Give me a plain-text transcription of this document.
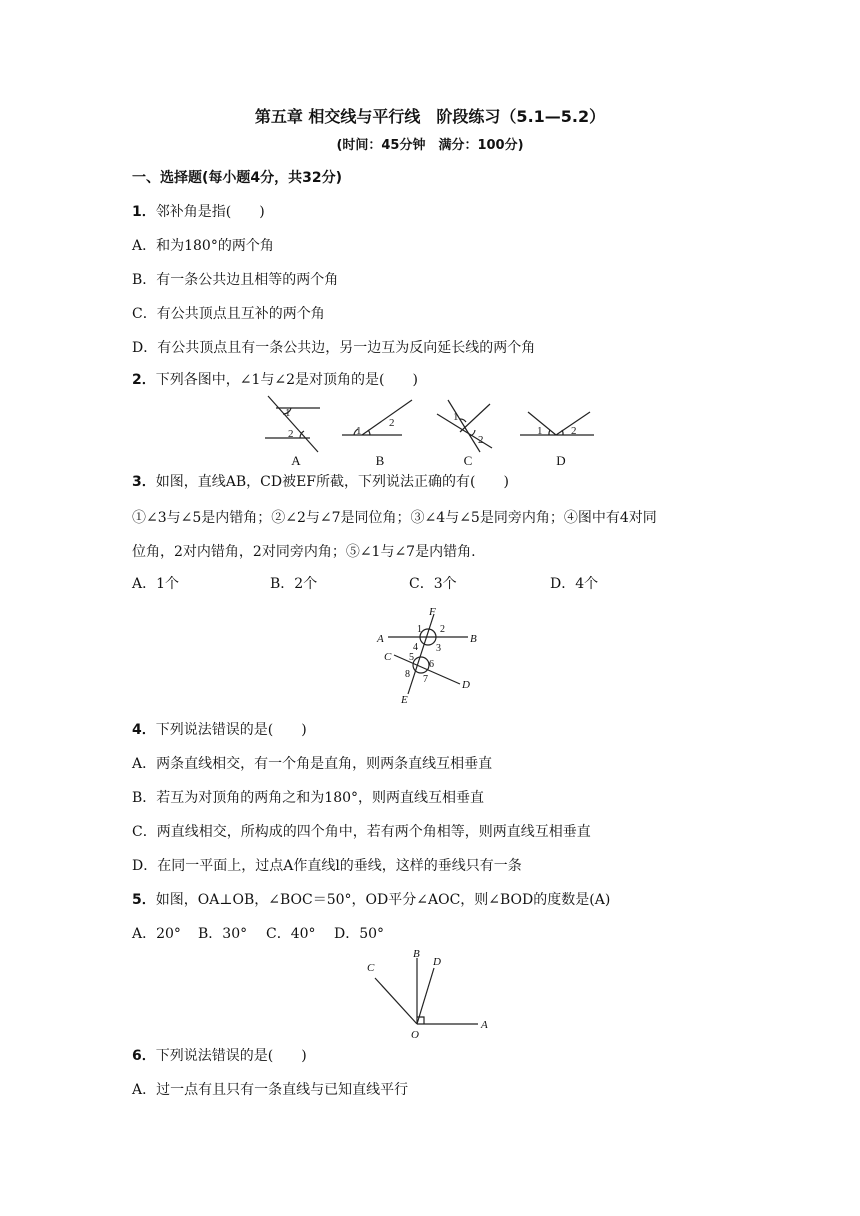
第五章 相交线与平行线　阶段练习（5.1—5.2）
(时间：45分钟　满分：100分)
一、选择题(每小题4分，共32分)
1．邻补角是指(　　)
A．和为180°的两个角
B．有一条公共边且相等的两个角
C．有公共顶点且互补的两个角
D．有公共顶点且有一条公共边，另一边互为反向延长线的两个角
2．下列各图中，∠1与∠2是对顶角的是(　　)
1
2	1
2	1
2
1	2
A	B	C	D
3．如图，直线AB，CD被EF所截，下列说法正确的有(　　)
①∠3与∠5是内错角；②∠2与∠7是同位角；③∠4与∠5是同旁内角；④图中有4对同
位角，2对内错角，2对同旁内角；⑤∠1与∠7是内错角.
A．1个	B．2个	C．3个	D．4个
F
A	B
C
D
E
1 2
3
4
5
6
7
8
4．下列说法错误的是(　　)
A．两条直线相交，有一个角是直角，则两条直线互相垂直
B．若互为对顶角的两角之和为180°，则两直线互相垂直
C．两直线相交，所构成的四个角中，若有两个角相等，则两直线互相垂直
D．在同一平面上，过点A作直线l的垂线，这样的垂线只有一条
5．如图，OA⊥OB，∠BOC＝50°，OD平分∠AOC，则∠BOD的度数是(A)
A．20° B．30° C．40° D．50°
B
D
C
O
A
6．下列说法错误的是(　　)
A．过一点有且只有一条直线与已知直线平行
